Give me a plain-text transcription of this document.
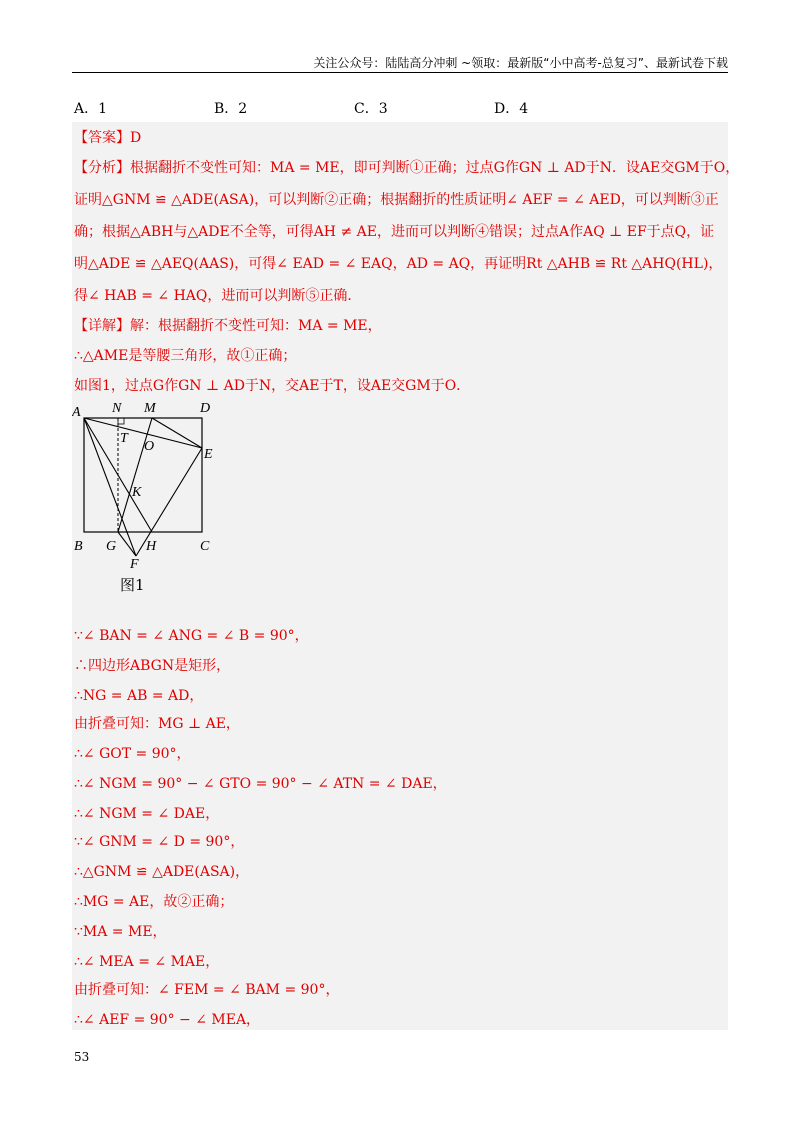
关注公众号：陆陆高分冲刺 ~领取：最新版“小中高考-总复习”、最新试卷下载
A．1	B．2	C．3	D．4
【答案】D
【分析】根据翻折不变性可知：MA = ME，即可判断①正确；过点G作GN ⊥ AD于N．设AE交GM于O，
证明△GNM ≌ △ADE(ASA)，可以判断②正确；根据翻折的性质证明∠ AEF = ∠ AED，可以判断③正
确；根据△ABH与△ADE不全等，可得AH ≠ AE，进而可以判断④错误；过点A作AQ ⊥ EF于点Q，证
明△ADE ≌ △AEQ(AAS)，可得∠ EAD = ∠ EAQ，AD = AQ，再证明Rt △AHB ≌ Rt △AHQ(HL)，
得∠ HAB = ∠ HAQ，进而可以判断⑤正确．
【详解】解：根据翻折不变性可知：MA = ME，
∴△AME是等腰三角形，故①正确；
如图1，过点G作GN ⊥ AD于N，交AE于T，设AE交GM于O．
A N M	D
T
O
E
K
B G H	C
F
图1
∵∠ BAN = ∠ ANG = ∠ B = 90°，
∴四边形ABGN是矩形，
∴NG = AB = AD，
由折叠可知：MG ⊥ AE，
∴∠ GOT = 90°，
∴∠ NGM = 90° − ∠ GTO = 90° − ∠ ATN = ∠ DAE，
∴∠ NGM = ∠ DAE，
∵∠ GNM = ∠ D = 90°，
∴△GNM ≌ △ADE(ASA)，
∴MG = AE，故②正确；
∵MA = ME，
∴∠ MEA = ∠ MAE，
由折叠可知：∠ FEM = ∠ BAM = 90°，
∴∠ AEF = 90° − ∠ MEA，
53
